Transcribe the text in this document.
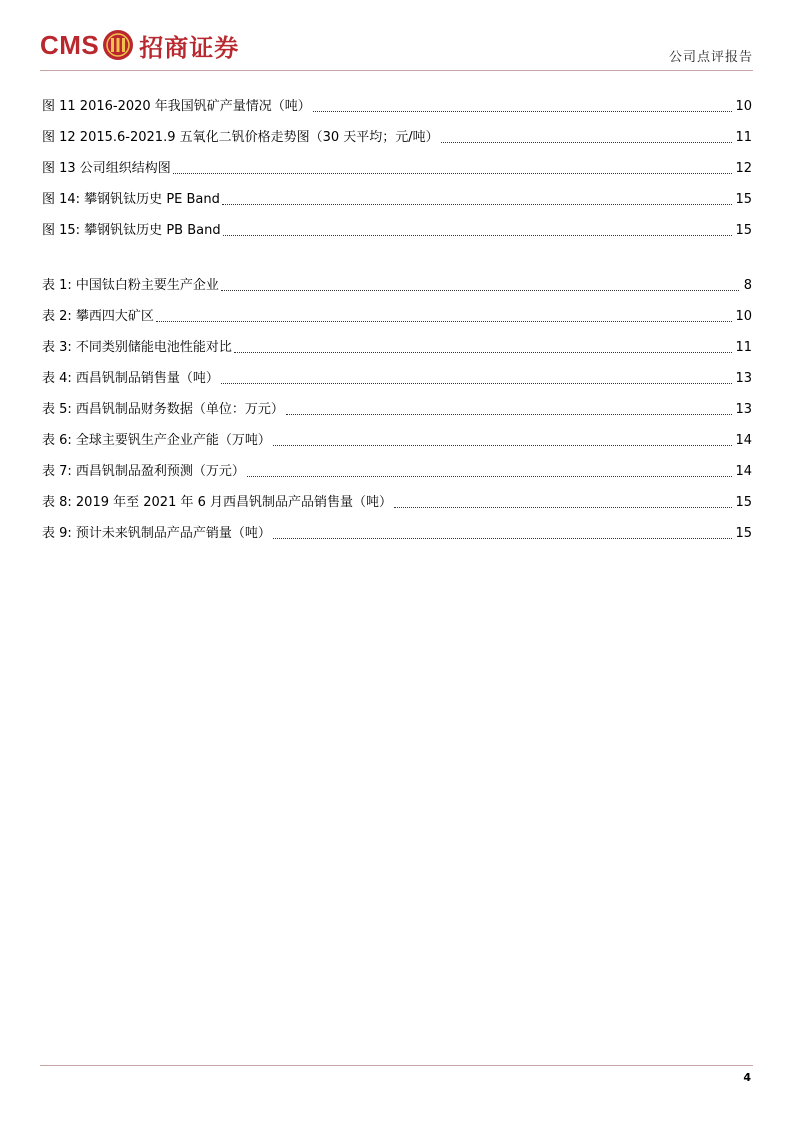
CMS 招商证券	公司点评报告
图 11 2016-2020 年我国钒矿产量情况（吨）	10
图 12 2015.6-2021.9 五氧化二钒价格走势图（30 天平均；元/吨）	11
图 13 公司组织结构图	12
图 14: 攀钢钒钛历史 PE Band	15
图 15: 攀钢钒钛历史 PB Band	15
表 1: 中国钛白粉主要生产企业	8
表 2: 攀西四大矿区	10
表 3: 不同类别储能电池性能对比	11
表 4: 西昌钒制品销售量（吨）	13
表 5: 西昌钒制品财务数据（单位：万元）	13
表 6: 全球主要钒生产企业产能（万吨）	14
表 7: 西昌钒制品盈利预测（万元）	14
表 8: 2019 年至 2021 年 6 月西昌钒制品产品销售量（吨）	15
表 9: 预计未来钒制品产品产销量（吨）	15
4
